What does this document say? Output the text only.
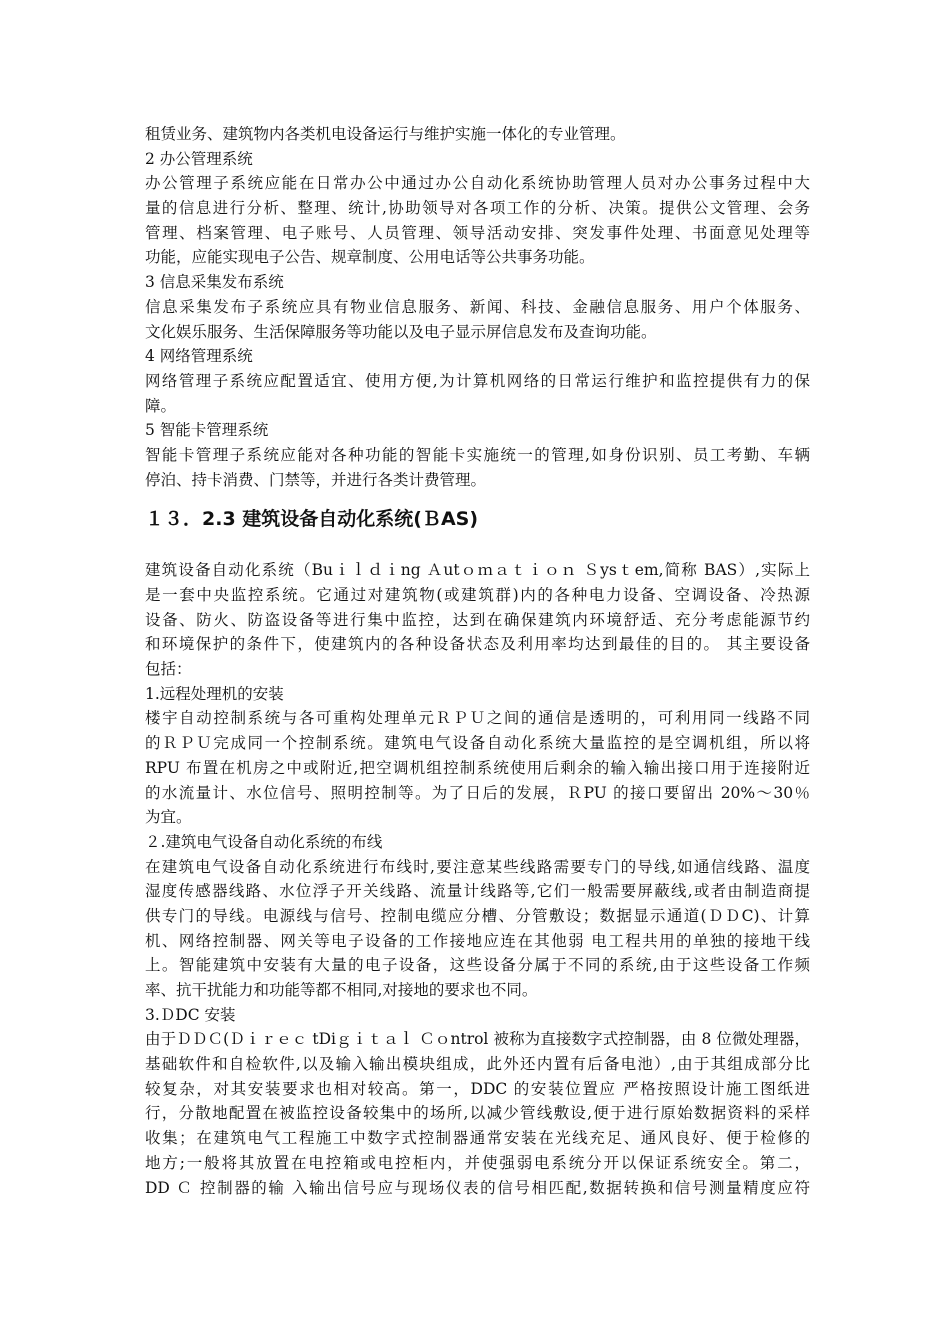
租赁业务、建筑物内各类机电设备运行与维护实施一体化的专业管理。
2 办公管理系统
办公管理子系统应能在日常办公中通过办公自动化系统协助管理人员对办公事务过程中大
量的信息进行分析、整理、统计,协助领导对各项工作的分析、决策。提供公文管理、会务
管理、档案管理、电子账号、人员管理、领导活动安排、突发事件处理、书面意见处理等
功能，应能实现电子公告、规章制度、公用电话等公共事务功能。
3 信息采集发布系统
信息采集发布子系统应具有物业信息服务、新闻、科技、金融信息服务、用户个体服务、
文化娱乐服务、生活保障服务等功能以及电子显示屏信息发布及查询功能。
4 网络管理系统
网络管理子系统应配置适宜、使用方便,为计算机网络的日常运行维护和监控提供有力的保
障。
5 智能卡管理系统
智能卡管理子系统应能对各种功能的智能卡实施统一的管理,如身份识别、员工考勤、车辆
停泊、持卡消费、门禁等，并进行各类计费管理。
１３．2.3 建筑设备自动化系统(ＢAS)
建筑设备自动化系统（Buｉｌｄｉng Ａutｏｍａｔｉｏｎ Ｓysｔem,简称 BAS）,实际上
是一套中央监控系统。它通过对建筑物(或建筑群)内的各种电力设备、空调设备、冷热源
设备、防火、防盗设备等进行集中监控，达到在确保建筑内环境舒适、充分考虑能源节约
和环境保护的条件下，使建筑内的各种设备状态及利用率均达到最佳的目的。 其主要设备
包括：
1.远程处理机的安装
楼宇自动控制系统与各可重构处理单元ＲＰＵ之间的通信是透明的，可利用同一线路不同
的ＲＰＵ完成同一个控制系统。建筑电气设备自动化系统大量监控的是空调机组，所以将
RPU 布置在机房之中或附近,把空调机组控制系统使用后剩余的输入输出接口用于连接附近
的水流量计、水位信号、照明控制等。为了日后的发展，ＲPU 的接口要留出 20%～30％
为宜。
２.建筑电气设备自动化系统的布线
在建筑电气设备自动化系统进行布线时,要注意某些线路需要专门的导线,如通信线路、温度
湿度传感器线路、水位浮子开关线路、流量计线路等,它们一般需要屏蔽线,或者由制造商提
供专门的导线。电源线与信号、控制电缆应分槽、分管敷设；数据显示通道(ＤＤC)、计算
机、网络控制器、网关等电子设备的工作接地应连在其他弱 电工程共用的单独的接地干线
上。智能建筑中安装有大量的电子设备，这些设备分属于不同的系统,由于这些设备工作频
率、抗干扰能力和功能等都不相同,对接地的要求也不同。
3.ＤDC 安装
由于ＤＤＣ(Ｄｉｒｅｃ tDiｇｉｔａｌ Ｃｏntrol 被称为直接数字式控制器，由 8 位微处理器，
基础软件和自检软件,以及输入输出模块组成，此外还内置有后备电池）,由于其组成部分比
较复杂，对其安装要求也相对较高。第一，DDC 的安装位置应 严格按照设计施工图纸进
行，分散地配置在被监控设备较集中的场所,以减少管线敷设,便于进行原始数据资料的采样
收集；在建筑电气工程施工中数字式控制器通常安装在光线充足、通风良好、便于检修的
地方;一般将其放置在电控箱或电控柜内，并使强弱电系统分开以保证系统安全。第二，
DD Ｃ 控制器的输 入输出信号应与现场仪表的信号相匹配,数据转换和信号测量精度应符
